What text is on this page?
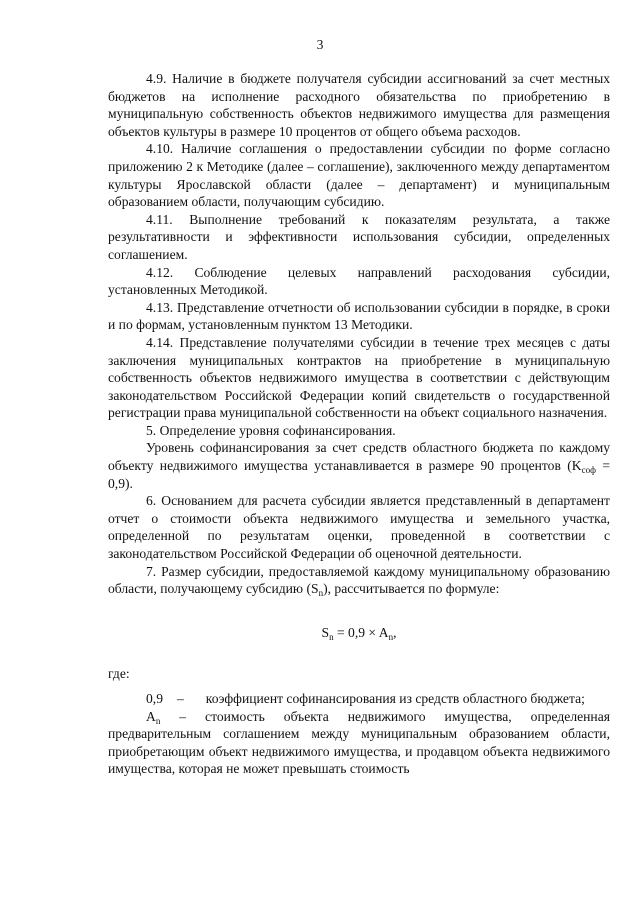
3

4.9. Наличие в бюджете получателя субсидии ассигнований за счет местных бюджетов на исполнение расходного обязательства по приобретению в муниципальную собственность объектов недвижимого имущества для размещения объектов культуры в размере 10 процентов от общего объема расходов.

4.10. Наличие соглашения о предоставлении субсидии по форме согласно приложению 2 к Методике (далее – соглашение), заключенного между департаментом культуры Ярославской области (далее – департамент) и муниципальным образованием области, получающим субсидию.

4.11. Выполнение требований к показателям результата, а также результативности и эффективности использования субсидии, определенных соглашением.

4.12. Соблюдение целевых направлений расходования субсидии, установленных Методикой.

4.13. Представление отчетности об использовании субсидии в порядке, в сроки и по формам, установленным пунктом 13 Методики.

4.14. Представление получателями субсидии в течение трех месяцев с даты заключения муниципальных контрактов на приобретение в муниципальную собственность объектов недвижимого имущества в соответствии с действующим законодательством Российской Федерации копий свидетельств о государственной регистрации права муниципальной собственности на объект социального назначения.

5. Определение уровня софинансирования.

Уровень софинансирования за счет средств областного бюджета по каждому объекту недвижимого имущества устанавливается в размере 90 процентов $(K_{соф} = 0,9)$.

6. Основанием для расчета субсидии является представленный в департамент отчет о стоимости объекта недвижимого имущества и земельного участка, определенной по результатам оценки, проведенной в соответствии с законодательством Российской Федерации об оценочной деятельности.

7. Размер субсидии, предоставляемой каждому муниципальному образованию области, получающему субсидию $(S_n)$, рассчитывается по формуле:

$S_n = 0,9 \times A_n$,

где:

0,9 – коэффициент софинансирования из средств областного бюджета;

$A_n$ – стоимость объекта недвижимого имущества, определенная предварительным соглашением между муниципальным образованием области, приобретающим объект недвижимого имущества, и продавцом объекта недвижимого имущества, которая не может превышать стоимость
